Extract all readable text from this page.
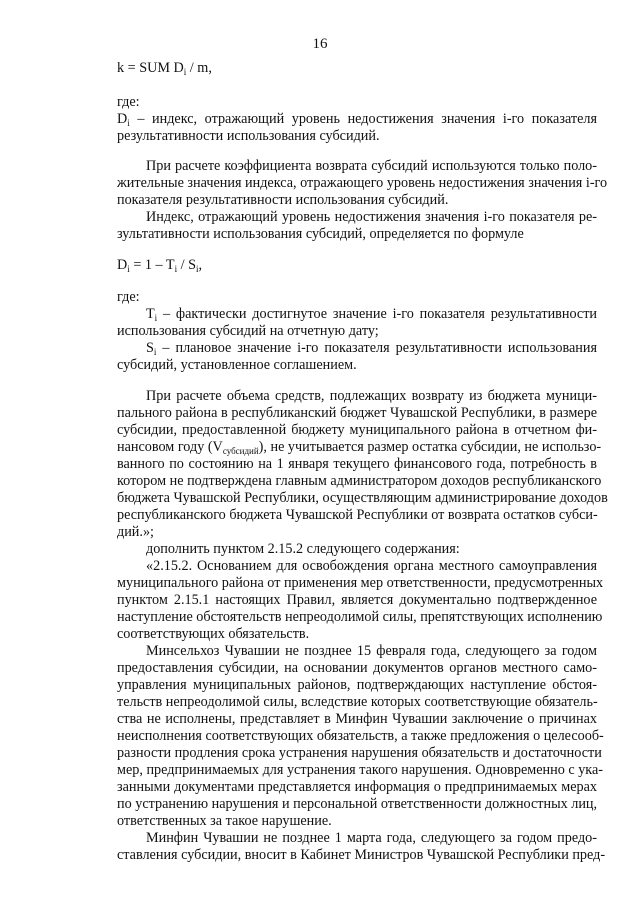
16
k = SUM $D_i$ / m,
где:
$D_i$ – индекс, отражающий уровень недостижения значения i-го показателя
результативности использования субсидий.
При расчете коэффициента возврата субсидий используются только поло-
жительные значения индекса, отражающего уровень недостижения значения i-го
показателя результативности использования субсидий.
Индекс, отражающий уровень недостижения значения i-го показателя ре-
зультативности использования субсидий, определяется по формуле
$D_i = 1 - T_i / S_i$,
где:
$T_i$ – фактически достигнутое значение i-го показателя результативности
использования субсидий на отчетную дату;
$S_i$ – плановое значение i-го показателя результативности использования
субсидий, установленное соглашением.
При расчете объема средств, подлежащих возврату из бюджета муници-
пального района в республиканский бюджет Чувашской Республики, в размере
субсидии, предоставленной бюджету муниципального района в отчетном фи-
нансовом году $(V_{субсидий})$, не учитывается размер остатка субсидии, не использо-
ванного по состоянию на 1 января текущего финансового года, потребность в
котором не подтверждена главным администратором доходов республиканского
бюджета Чувашской Республики, осуществляющим администрирование доходов
республиканского бюджета Чувашской Республики от возврата остатков субси-
дий.»;
дополнить пунктом 2.15.2 следующего содержания:
«2.15.2. Основанием для освобождения органа местного самоуправления
муниципального района от применения мер ответственности, предусмотренных
пунктом 2.15.1 настоящих Правил, является документально подтвержденное
наступление обстоятельств непреодолимой силы, препятствующих исполнению
соответствующих обязательств.
Минсельхоз Чувашии не позднее 15 февраля года, следующего за годом
предоставления субсидии, на основании документов органов местного само-
управления муниципальных районов, подтверждающих наступление обстоя-
тельств непреодолимой силы, вследствие которых соответствующие обязатель-
ства не исполнены, представляет в Минфин Чувашии заключение о причинах
неисполнения соответствующих обязательств, а также предложения о целесооб-
разности продления срока устранения нарушения обязательств и достаточности
мер, предпринимаемых для устранения такого нарушения. Одновременно с ука-
занными документами представляется информация о предпринимаемых мерах
по устранению нарушения и персональной ответственности должностных лиц,
ответственных за такое нарушение.
Минфин Чувашии не позднее 1 марта года, следующего за годом предо-
ставления субсидии, вносит в Кабинет Министров Чувашской Республики пред-
